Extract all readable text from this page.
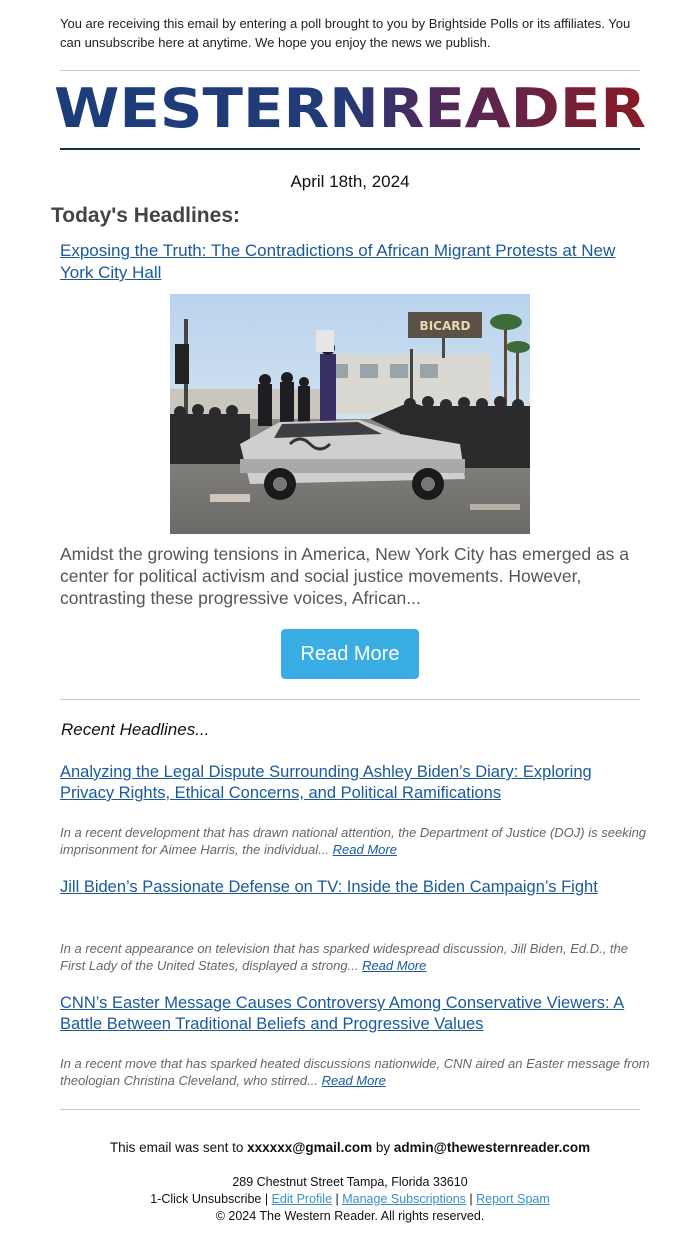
You are receiving this email by entering a poll brought to you by Brightside Polls or its affiliates. You can unsubscribe here at anytime. We hope you enjoy the news we publish.
WESTERN READER
April 18th, 2024
Today's Headlines:
Exposing the Truth: The Contradictions of African Migrant Protests at New York City Hall
BICARD
Amidst the growing tensions in America, New York City has emerged as a center for political activism and social justice movements. However, contrasting these progressive voices, African...
Read More
Recent Headlines...
Analyzing the Legal Dispute Surrounding Ashley Biden’s Diary: Exploring Privacy Rights, Ethical Concerns, and Political Ramifications
In a recent development that has drawn national attention, the Department of Justice (DOJ) is seeking imprisonment for Aimee Harris, the individual... Read More
Jill Biden’s Passionate Defense on TV: Inside the Biden Campaign’s Fight
In a recent appearance on television that has sparked widespread discussion, Jill Biden, Ed.D., the First Lady of the United States, displayed a strong... Read More
CNN’s Easter Message Causes Controversy Among Conservative Viewers: A Battle Between Traditional Beliefs and Progressive Values
In a recent move that has sparked heated discussions nationwide, CNN aired an Easter message from theologian Christina Cleveland, who stirred... Read More
This email was sent to xxxxxx@gmail.com by admin@thewesternreader.com
289 Chestnut Street Tampa, Florida 33610
1-Click Unsubscribe | Edit Profile | Manage Subscriptions | Report Spam
© 2024 The Western Reader. All rights reserved.
